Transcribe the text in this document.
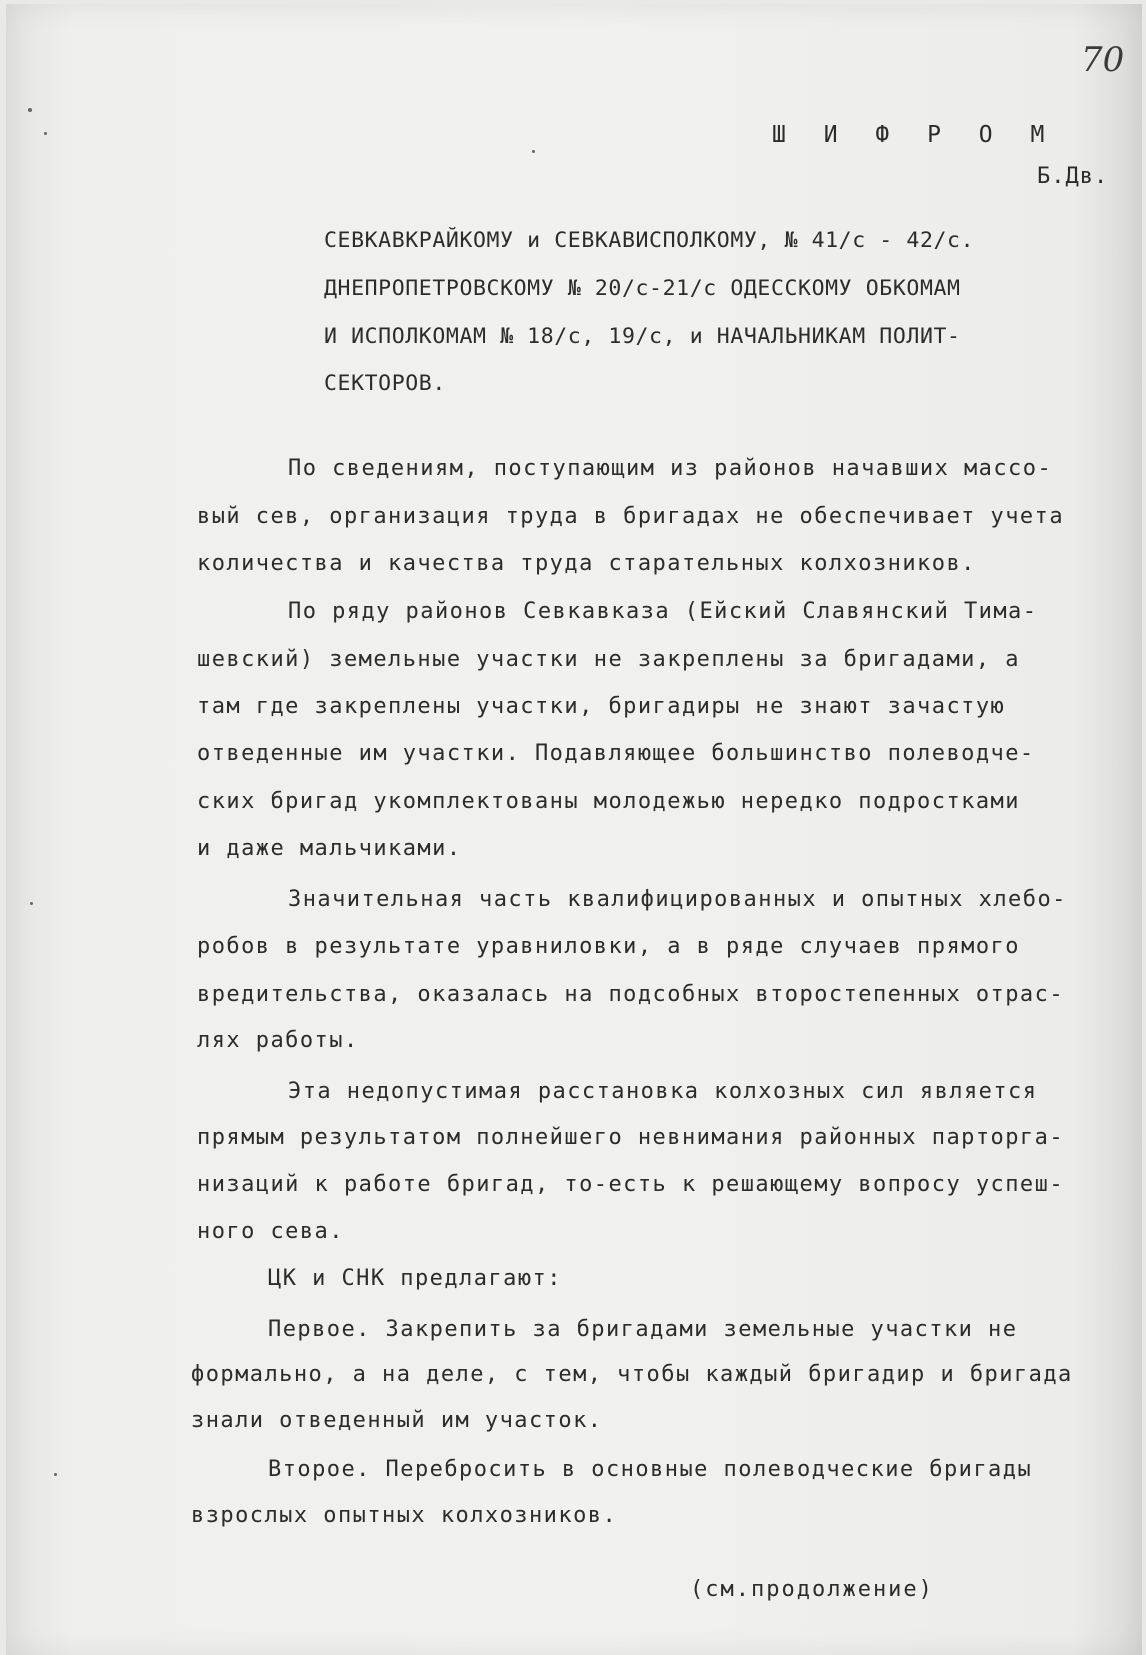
70

Ш И Ф Р О М

Б.Дв.

СЕВКАВКРАЙКОМУ и СЕВКАВИСПОЛКОМУ, № 41/с - 42/с.

ДНЕПРОПЕТРОВСКОМУ № 20/с-21/с ОДЕССКОМУ ОБКОМАМ

И ИСПОЛКОМАМ № 18/с, 19/с, и НАЧАЛЬНИКАМ ПОЛИТ-

СЕКТОРОВ.

По сведениям, поступающим из районов начавших массо-

вый сев, организация труда в бригадах не обеспечивает учета

количества и качества труда старательных колхозников.

По ряду районов Севкавказа (Ейский Славянский Тима-

шевский) земельные участки не закреплены за бригадами, а

там где закреплены участки, бригадиры не знают зачастую

отведенные им участки. Подавляющее большинство полеводче-

ских бригад укомплектованы молодежью нередко подростками

и даже мальчиками.

Значительная часть квалифицированных и опытных хлебо-

робов в результате уравниловки, а в ряде случаев прямого

вредительства, оказалась на подсобных второстепенных отрас-

лях работы.

Эта недопустимая расстановка колхозных сил является

прямым результатом полнейшего невнимания районных парторга-

низаций к работе бригад, то-есть к решающему вопросу успеш-

ного сева.

ЦК и СНК предлагают:

Первое. Закрепить за бригадами земельные участки не

формально, а на деле, с тем, чтобы каждый бригадир и бригада

знали отведенный им участок.

Второе. Перебросить в основные полеводческие бригады

взрослых опытных колхозников.

(см.продолжение)
